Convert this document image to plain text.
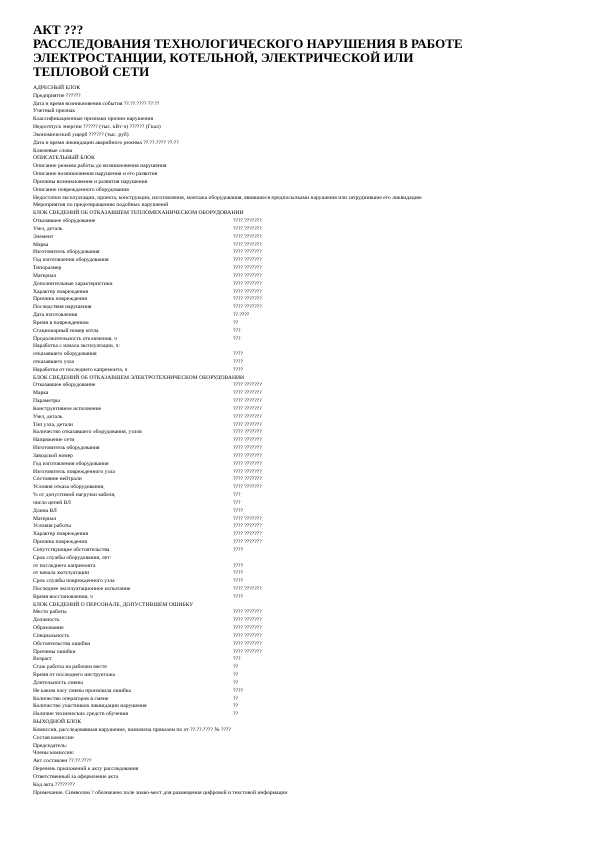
АКТ ???
РАССЛЕДОВАНИЯ ТЕХНОЛОГИЧЕСКОГО НАРУШЕНИЯ В РАБОТЕ
ЭЛЕКТРОСТАНЦИИ, КОТЕЛЬНОЙ, ЭЛЕКТРИЧЕСКОЙ ИЛИ
ТЕПЛОВОЙ СЕТИ
АДРЕСНЫЙ БЛОК
Предприятие ??????
Дата и время возникновения события ??.??.???? ??:??
Учетный признак
Классификационные признаки причин нарушения
Недоотпуск энергии ?????? (тыс. кВт·ч) ?????? (Гкал)
Экономический ущерб ?????? (тыс. руб)
Дата и время ликвидации аварийного режима ??.??.???? ??:??
Ключевые слова
ОПИСАТЕЛЬНЫЙ БЛОК
Описание режима работы до возникновения нарушения
Описание возникновения нарушения и его развития
Причины возникновения и развития нарушения
Описание поврежденного оборудования
Недостатки эксплуатации, проекта, конструкции, изготовления, монтажа оборудования, явившиеся предпосылками нарушения или затруднившие его ликвидацию
Мероприятия по предотвращению подобных нарушений
БЛОК СВЕДЕНИЙ ОБ ОТКАЗАВШЕМ ТЕПЛОМЕХАНИЧЕСКОМ ОБОРУДОВАНИИ
Отказавшее оборудование	???? ???????
Узел, деталь	???? ???????
Элемент	???? ???????
Марка	???? ???????
Изготовитель оборудования	???? ???????
Год изготовления оборудования	???? ???????
Типоразмер	???? ???????
Материал	???? ???????
Дополнительные характеристики	???? ???????
Характер повреждения	???? ???????
Причина повреждения	???? ???????
Последствия нарушения	???? ???????
Дата изготовления	??.????
Время в поврежденном	??
Стационарный номер котла	???
Продолжительность отключения, ч	???
Наработка с начала эксплуатации, ч:
отказавшего оборудования	????
отказавшего узла	????
Наработка от последнего капремонта, ч	????
БЛОК СВЕДЕНИЙ ОБ ОТКАЗАВШЕМ ЭЛЕКТРОТЕХНИЧЕСКОМ ОБОРУДОВАНИИ
Отказавшее оборудование	???? ???????
Марка	???? ???????
Параметры	???? ???????
Конструктивное исполнение	???? ???????
Узел, деталь	???? ???????
Тип узла, детали	???? ???????
Количество отказавшего оборудования, узлов	???? ???????
Напряжение сети	???? ???????
Изготовитель оборудования	???? ???????
Заводской номер	???? ???????
Год изготовления оборудования	???? ???????
Изготовитель поврежденного узла	???? ???????
Состояние нейтрали	???? ???????
Условия отказа оборудования,	???? ???????
% от допустимой нагрузки кабеля,	???
число цепей ВЛ	???
Длина ВЛ	????
Материал	???? ???????
Условия работы	???? ???????
Характер повреждения	???? ???????
Причина повреждения	???? ???????
Сопутствующие обстоятельства	????
Срок службы оборудования, лет:
от последнего капремонта	????
от начала эксплуатации	????
Срок службы поврежденного узла	????
Последнее эксплуатационное испытание	???? ???????
Время восстановления, ч	????
БЛОК СВЕДЕНИЙ О ПЕРСОНАЛЕ, ДОПУСТИВШЕМ ОШИБКУ
Место работы	???? ???????
Должность	???? ???????
Образование	???? ???????
Специальность	???? ???????
Обстоятельства ошибки	???? ???????
Причины ошибки	???? ???????
Возраст	???
Стаж работы на рабочем месте	??
Время от последнего инструктажа	??
Длительность смены	??
Не каким часу смены произошла ошибка	????
Количество операторов в смене	??
Количество участников ликвидации нарушения	??
Наличие технических средств обучения	??
ВЫХОДНОЙ БЛОК
Комиссия, расследовавшая нарушение, назначена приказом по от ??.??.???? № ????
Состав комиссии
Председатель:
Члены комиссии:
Акт составлен ??.??.????
Перечень приложений к акту расследования
Ответственный за оформление акта
Код акта ????????
Примечание. Символом ? обозначено поле знако-мест для размещения цифровой и текстовой информации
